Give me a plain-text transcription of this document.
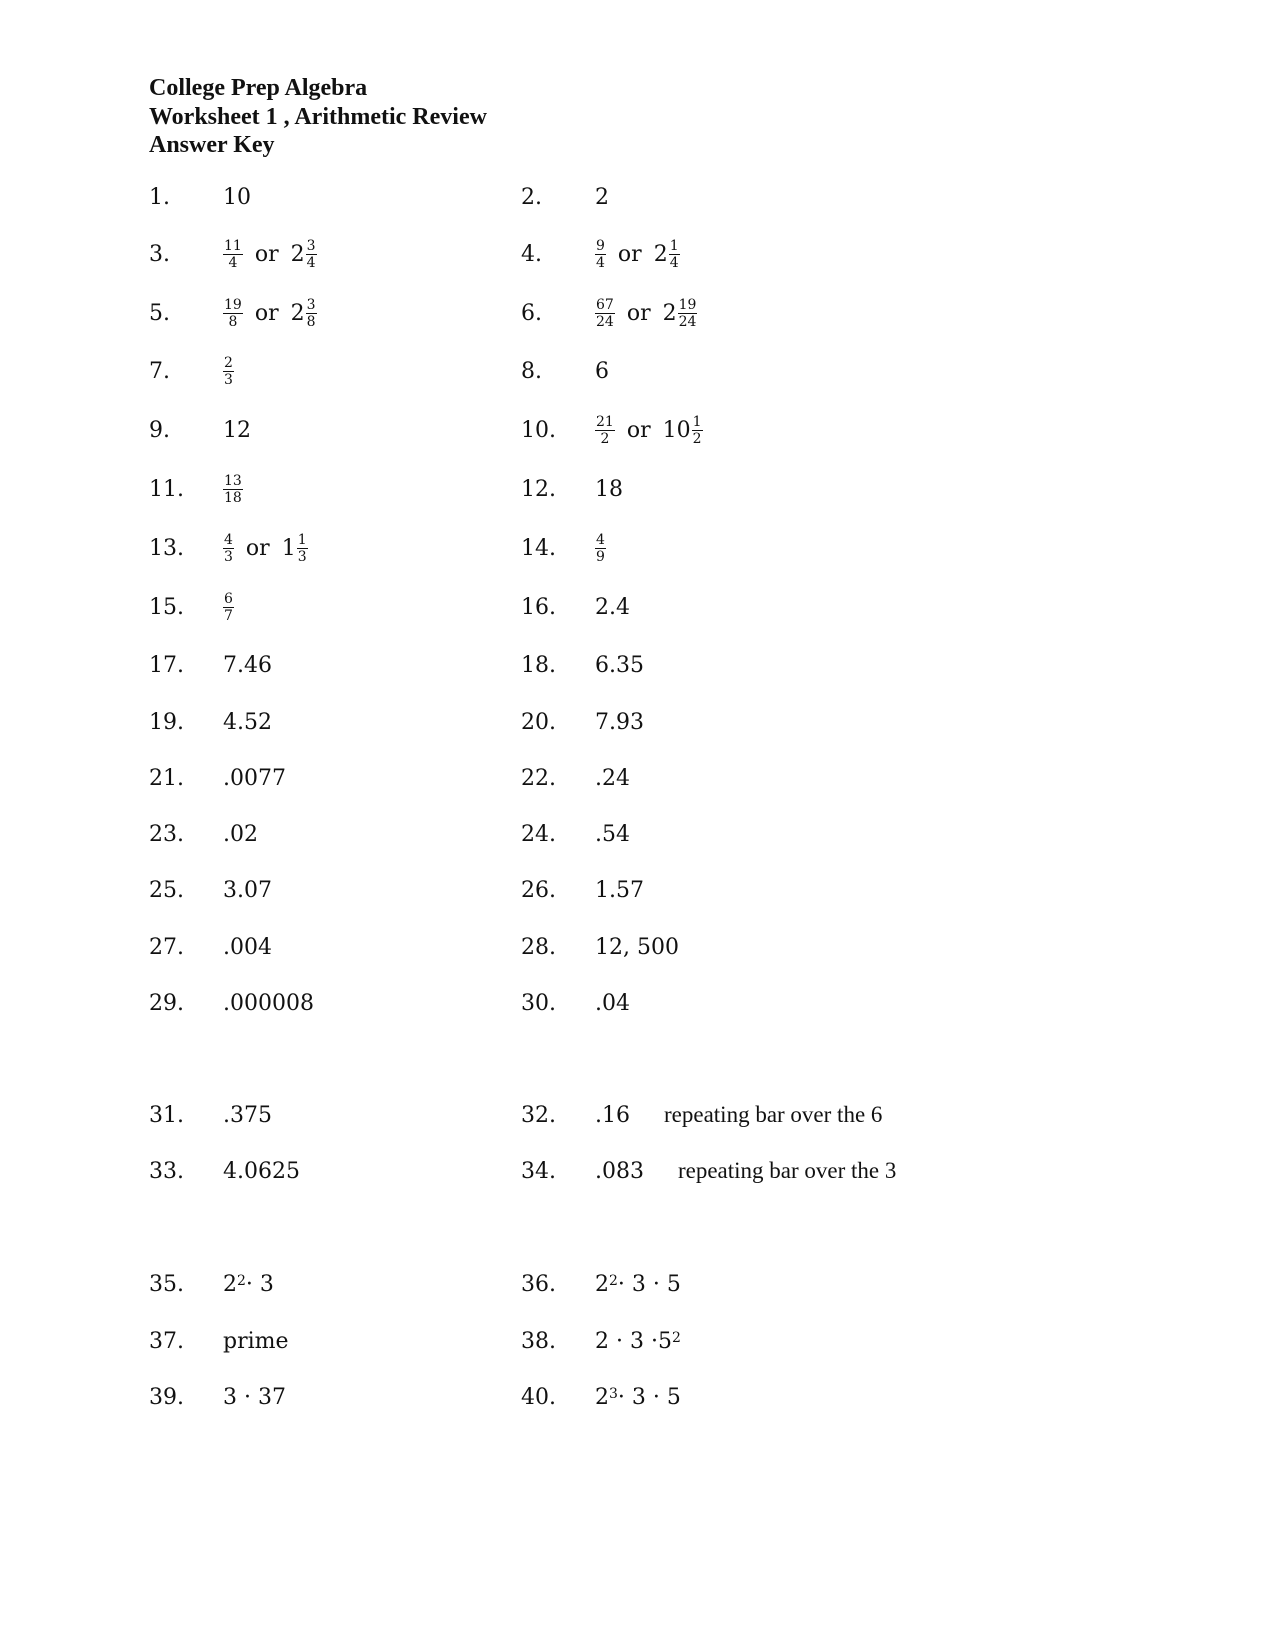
College Prep Algebra
Worksheet 1 , Arithmetic Review
Answer Key
1.	10	2.	2
3.	$\frac{11}{4}$ or $2 \frac{3}{4}$	4.	$\frac{9}{4}$ or $2 \frac{1}{4}$
5.	$\frac{19}{8}$ or $2 \frac{3}{8}$	6.	$\frac{67}{24}$ or $2 \frac{19}{24}$
7.	$\frac{2}{3}$	8.	6
9.	12	10.	$\frac{21}{2}$ or $10 \frac{1}{2}$
11.	$\frac{13}{18}$	12.	18
13.	$\frac{4}{3}$ or $1 \frac{1}{3}$	14.	$\frac{4}{9}$
15.	$\frac{6}{7}$	16.	2.4
17.	7.46	18.	6.35
19.	4.52	20.	7.93
21.	.0077	22.	.24
23.	.02	24.	.54
25.	3.07	26.	1.57
27.	.004	28.	12, 500
29.	.000008	30.	.04
31.	.375	32.	.16 repeating bar over the 6
33.	4.0625	34.	.083 repeating bar over the 3
35.	$2^2 \cdot 3$	36.	$2^2 \cdot 3 \cdot 5$
37.	prime	38.	$2 \cdot 3 \cdot 5^2$
39.	3 · 37	40.	$2^3 \cdot 3 \cdot 5$
